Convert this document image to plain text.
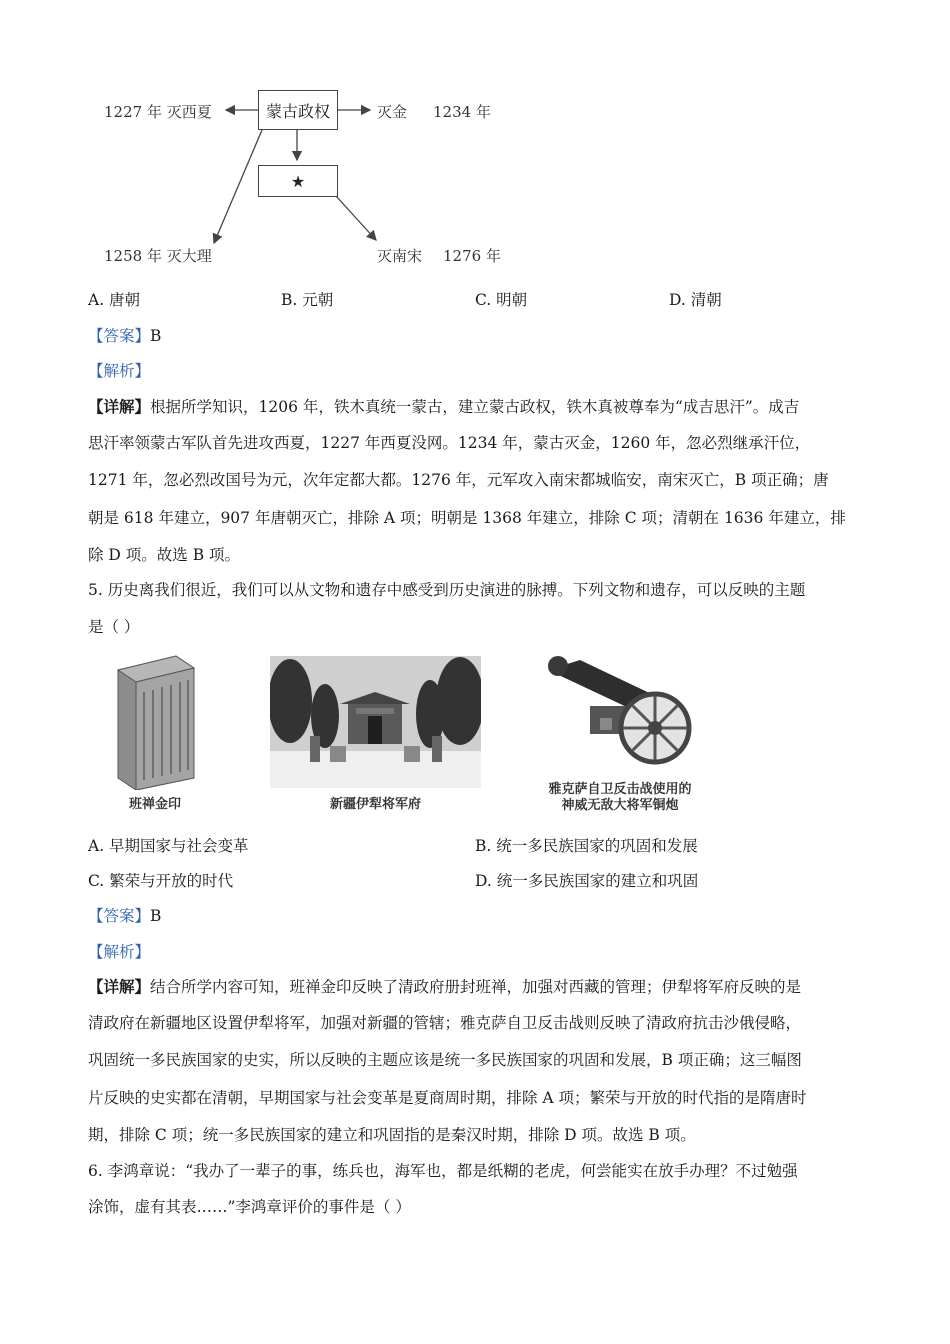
蒙古政权
★
1227 年 灭西夏	灭金 1234 年
1258 年 灭大理	灭南宋 1276 年
A. 唐朝	B. 元朝	C. 明朝	D. 清朝
【答案】B
【解析】
【详解】根据所学知识，1206 年，铁木真统一蒙古，建立蒙古政权，铁木真被尊奉为“成吉思汗”。成吉
思汗率领蒙古军队首先进攻西夏，1227 年西夏没网。1234 年，蒙古灭金，1260 年，忽必烈继承汗位，
1271 年，忽必烈改国号为元，次年定都大都。1276 年，元军攻入南宋都城临安，南宋灭亡，B 项正确；唐
朝是 618 年建立，907 年唐朝灭亡，排除 A 项；明朝是 1368 年建立，排除 C 项；清朝在 1636 年建立，排
除 D 项。故选 B 项。
5. 历史离我们很近，我们可以从文物和遗存中感受到历史演进的脉搏。下列文物和遗存，可以反映的主题
是（ ）
班禅金印	新疆伊犁将军府
雅克萨自卫反击战使用的
神威无敌大将军铜炮
A. 早期国家与社会变革	B. 统一多民族国家的巩固和发展
C. 繁荣与开放的时代	D. 统一多民族国家的建立和巩固
【答案】B
【解析】
【详解】结合所学内容可知，班禅金印反映了清政府册封班禅，加强对西藏的管理；伊犁将军府反映的是
清政府在新疆地区设置伊犁将军，加强对新疆的管辖；雅克萨自卫反击战则反映了清政府抗击沙俄侵略，
巩固统一多民族国家的史实，所以反映的主题应该是统一多民族国家的巩固和发展，B 项正确；这三幅图
片反映的史实都在清朝，早期国家与社会变革是夏商周时期，排除 A 项；繁荣与开放的时代指的是隋唐时
期，排除 C 项；统一多民族国家的建立和巩固指的是秦汉时期，排除 D 项。故选 B 项。
6. 李鸿章说：“我办了一辈子的事，练兵也，海军也，都是纸糊的老虎，何尝能实在放手办理？不过勉强
涂饰，虚有其表……”李鸿章评价的事件是（ ）
